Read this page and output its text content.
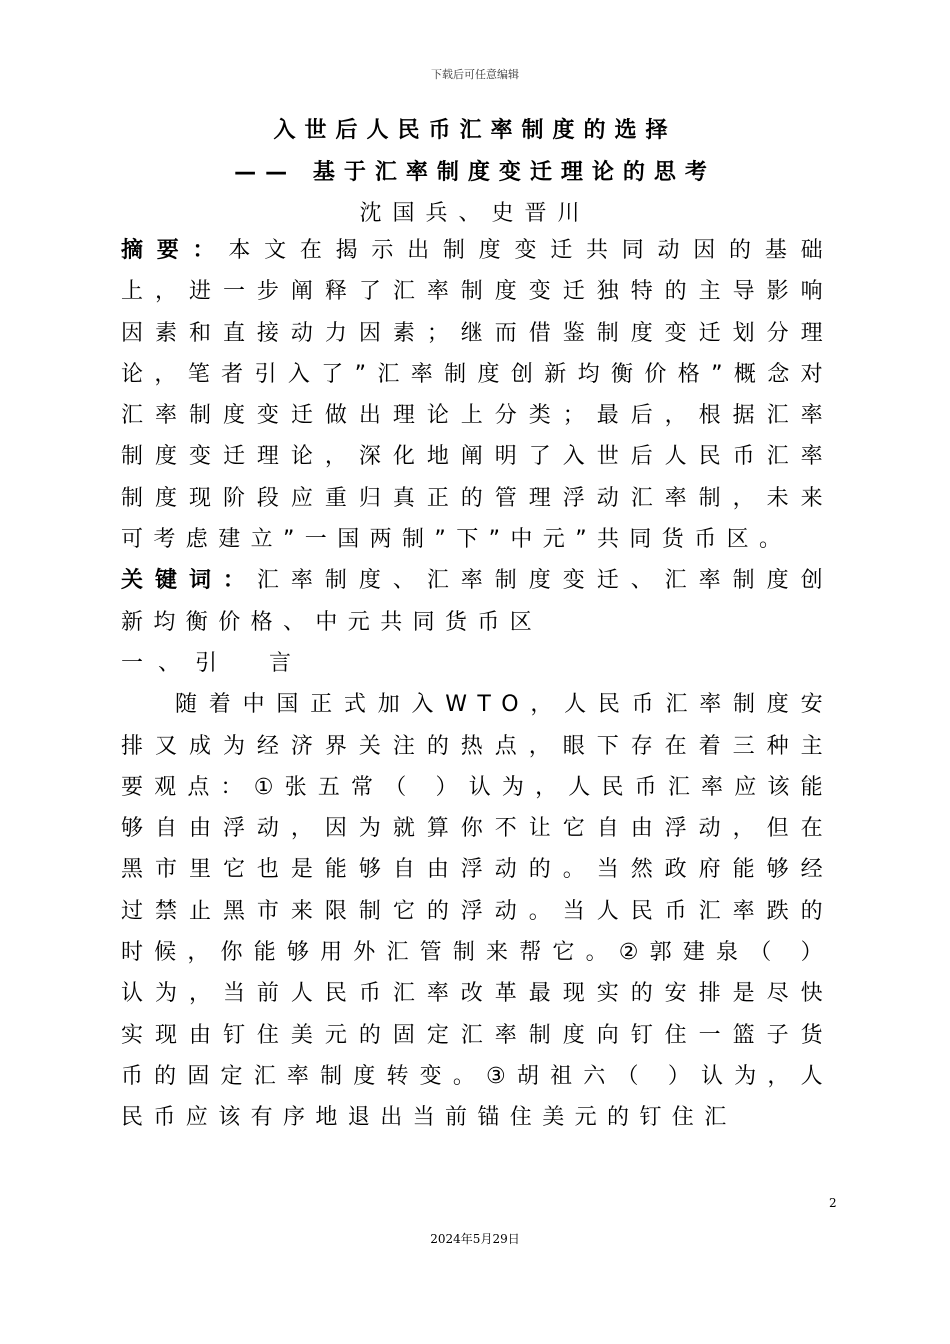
下载后可任意编辑
入世后人民币汇率制度的选择
—— 基于汇率制度变迁理论的思考
沈国兵、史晋川

摘要：本文在揭示出制度变迁共同动因的基础上，进一步阐释了汇率制度变迁独特的主导影响因素和直接动力因素；继而借鉴制度变迁划分理论，笔者引入了”汇率制度创新均衡价格”概念对汇率制度变迁做出理论上分类；最后，根据汇率制度变迁理论，深化地阐明了入世后人民币汇率制度现阶段应重归真正的管理浮动汇率制，未来可考虑建立”一国两制”下”中元”共同货币区。

关键词：汇率制度、汇率制度变迁、汇率制度创新均衡价格、中元共同货币区

一、引　言

随着中国正式加入WTO，人民币汇率制度安排又成为经济界关注的热点，眼下存在着三种主要观点：①张五常（ ）认为，人民币汇率应该能够自由浮动，因为就算你不让它自由浮动，但在黑市里它也是能够自由浮动的。当然政府能够经过禁止黑市来限制它的浮动。当人民币汇率跌的时候，你能够用外汇管制来帮它。②郭建泉（ ）认为，当前人民币汇率改革最现实的安排是尽快实现由钉住美元的固定汇率制度向钉住一篮子货币的固定汇率制度转变。③胡祖六（ ）认为，人民币应该有序地退出当前锚住美元的钉住汇

2
2024年5月29日
